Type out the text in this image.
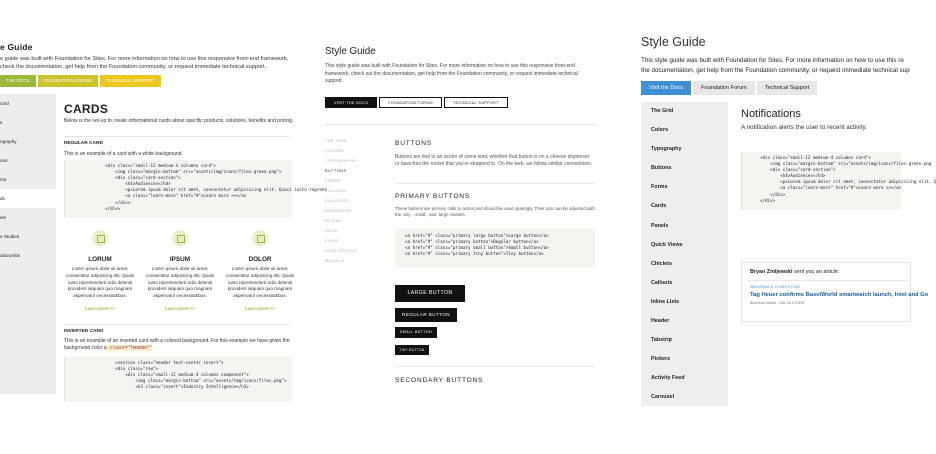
e Guide
e guide was built with Foundation for Sites. For more information on how to use this responsive front-end framework, check the documentation, get help from the Foundation community, or request immediate technical support.
THE DOCS	FOUNDATION FORUM	TECHNICAL SUPPORT
Grid
s
ography
ons
ms
ds
els
e Studies
adcrumbs
CARDS
Below is the set-up to create informational cards about specific products, solutions, benefits and pricing.
REGULAR CARD
This is an example of a card with a white background
<div class="small-12 medium-4 columns card">
<img class="margin-bottom" src="assets/img/icons/files-green.png">
<div class="card-section">
<h4>Audiences</h4>
<p>Lorem ipsum dolor sit amet, consectetur adipisicing elit. Quasi iusto reprehe
<a class="learn-more" href="#">Learn more >></a>
</div>
</div>
LORUM
Lorem ipsum dolor sit amet, consectetur adipisicing elit. Quasi iusto reprehenderit odio deleniti provident aliquam quo magnam aspernatur necessitatibus.
Learn more >>
IPSUM
Lorem ipsum dolor sit amet, consectetur adipisicing elit. Quasi iusto reprehenderit odio deleniti provident aliquam quo magnam aspernatur necessitatibus.
Learn more >>
DOLOR
Lorem ipsum dolor sit amet, consectetur adipisicing elit. Quasi iusto reprehenderit odio deleniti provident aliquam quo magnam aspernatur necessitatibus.
Learn more >>
INVERTED CARD
This is an example of an inverted card with a colored background. For this example we have given the background color a class="header"
<section class="header text-center invert">
<div class="row">
<div class="small-12 medium-4 columns component">
<img class="margin-bottom" src="assets/img/icons/files.png">
<h3 class="invert">Industry Intelligence</h3>
Style Guide
This style guide was built with Foundation for Sites. For more information on how to use this responsive front-end framework, check out the documentation, get help from the Foundation community, or request immediate technical support.
VISIT THE DOCS	FOUNDATION FORUM	TECHNICAL SUPPORT
THE GRID
COLORS
TYPOGRAPHY
BUTTONS
FORMS
COLLAGE
CALLOUTS
REMINDERS
RETINA
HOLD
EVENT
ICON DETAILS
MODALS
BUTTONS
Buttons are tied to an action of some kind, whether that button is on a cheese dispenser or launches the rocket that you're strapped to. On the web, we follow similar conventions.
PRIMARY BUTTONS
These buttons are primary calls to action and should be used sparingly. Their size can be adjusted with the .tiny , .small , and .large classes.
<a href="#" class="primary large button">Large button</a>
<a href="#" class="primary button">Regular button</a>
<a href="#" class="primary small button">Small button</a>
<a href="#" class="primary tiny button">Tiny button</a>
LARGE BUTTON
REGULAR BUTTON
SMALL BUTTON
TINY BUTTON
SECONDARY BUTTONS
Style Guide
This style guide was built with Foundation for Sites. For more information on how to use this re
the documentation, get help from the Foundation community, or request immediate technical sup
Visit the Docs	Foundation Forum	Technical Support
The Grid
Colors
Typography
Buttons
Forms
Cards
Panels
Quick Views
Chiclets
Callouts
Inline Lists
Header
Tabstrip
Pickers
Activity Feed
Carousel
Notifications
A notification alerts the user to recent activity.
<div class="small-12 medium-4 columns card">
<img class="margin-bottom" src="assets/img/icons/files-green.png
<div class="card-section">
<h4>Audiences</h4>
<p>Lorem ipsum dolor sit amet, consectetur adipisicing elit. Q
<a class="learn-more" href="#">Learn more >></a>
</div>
</div>
Bryan Zmijewski sent you an article:
WEARABLE COMPUTING
Tag Heuer confirms BaselWorld smartwatch launch, Intel and Go
Business Insider - Mar 18 2:20PM
